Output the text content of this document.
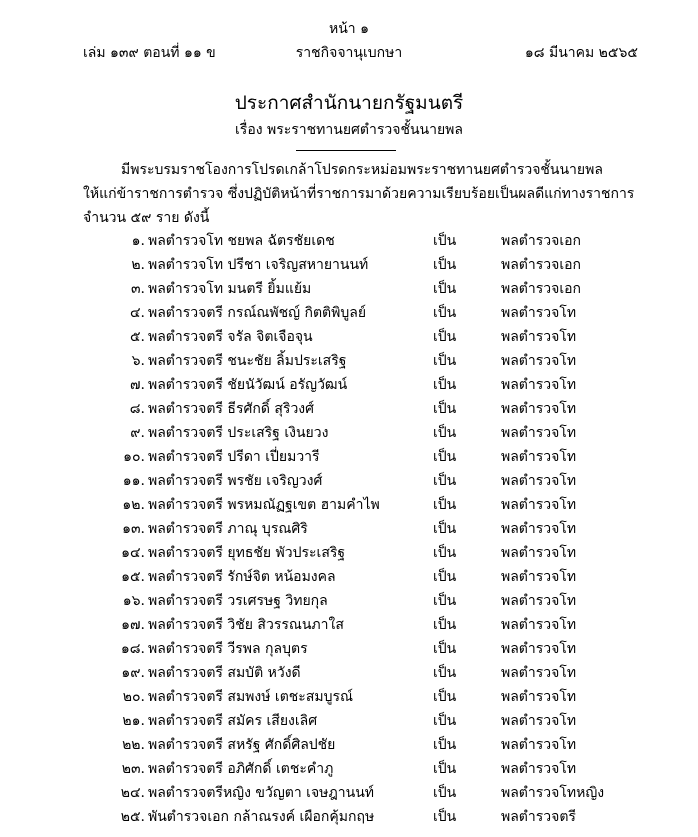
หน้า ๑
เล่ม ๑๓๙ ตอนที่ ๑๑ ข	ราชกิจจานุเบกษา	๑๘ มีนาคม ๒๕๖๕
ประกาศสำนักนายกรัฐมนตรี
เรื่อง พระราชทานยศตำรวจชั้นนายพล
มีพระบรมราชโองการโปรดเกล้าโปรดกระหม่อมพระราชทานยศตำรวจชั้นนายพล
ให้แก่ข้าราชการตำรวจ ซึ่งปฏิบัติหน้าที่ราชการมาด้วยความเรียบร้อยเป็นผลดีแก่ทางราชการ
จำนวน ๕๙ ราย ดังนี้
๑. พลตำรวจโท ชยพล ฉัตรชัยเดช	เป็น	พลตำรวจเอก
๒. พลตำรวจโท ปรีชา เจริญสหายานนท์	เป็น	พลตำรวจเอก
๓. พลตำรวจโท มนตรี ยิ้มแย้ม	เป็น	พลตำรวจเอก
๔. พลตำรวจตรี กรณ์ณพัชญ์ กิตติพิบูลย์	เป็น	พลตำรวจโท
๕. พลตำรวจตรี จรัล จิตเจือจุน	เป็น	พลตำรวจโท
๖. พลตำรวจตรี ชนะชัย ลิ้มประเสริฐ	เป็น	พลตำรวจโท
๗. พลตำรวจตรี ชัยนัวัฒน์ อรัญวัฒน์	เป็น	พลตำรวจโท
๘. พลตำรวจตรี ธีรศักดิ์ สุริวงศ์	เป็น	พลตำรวจโท
๙. พลตำรวจตรี ประเสริฐ เงินยวง	เป็น	พลตำรวจโท
๑๐. พลตำรวจตรี ปรีดา เปี่ยมวารี	เป็น	พลตำรวจโท
๑๑. พลตำรวจตรี พรชัย เจริญวงศ์	เป็น	พลตำรวจโท
๑๒. พลตำรวจตรี พรหมณัฏฐเขต ฮามคำไพ	เป็น	พลตำรวจโท
๑๓. พลตำรวจตรี ภาณุ บุรณศิริ	เป็น	พลตำรวจโท
๑๔. พลตำรวจตรี ยุทธชัย พัวประเสริฐ	เป็น	พลตำรวจโท
๑๕. พลตำรวจตรี รักษ์จิต หน้อมงคล	เป็น	พลตำรวจโท
๑๖. พลตำรวจตรี วรเศรษฐ วิทยกุล	เป็น	พลตำรวจโท
๑๗. พลตำรวจตรี วิชัย สิวรรณนภาใส	เป็น	พลตำรวจโท
๑๘. พลตำรวจตรี วีรพล กุลบุตร	เป็น	พลตำรวจโท
๑๙. พลตำรวจตรี สมบัติ หวังดี	เป็น	พลตำรวจโท
๒๐. พลตำรวจตรี สมพงษ์ เตชะสมบูรณ์	เป็น	พลตำรวจโท
๒๑. พลตำรวจตรี สมัคร เสียงเลิศ	เป็น	พลตำรวจโท
๒๒. พลตำรวจตรี สหรัฐ ศักดิ์ศิลปชัย	เป็น	พลตำรวจโท
๒๓. พลตำรวจตรี อภิศักดิ์ เตชะคำภู	เป็น	พลตำรวจโท
๒๔. พลตำรวจตรีหญิง ขวัญตา เจษฎานนท์	เป็น	พลตำรวจโทหญิง
๒๕. พันตำรวจเอก กล้าณรงค์ เผือกคุ้มกฤษ	เป็น	พลตำรวจตรี
